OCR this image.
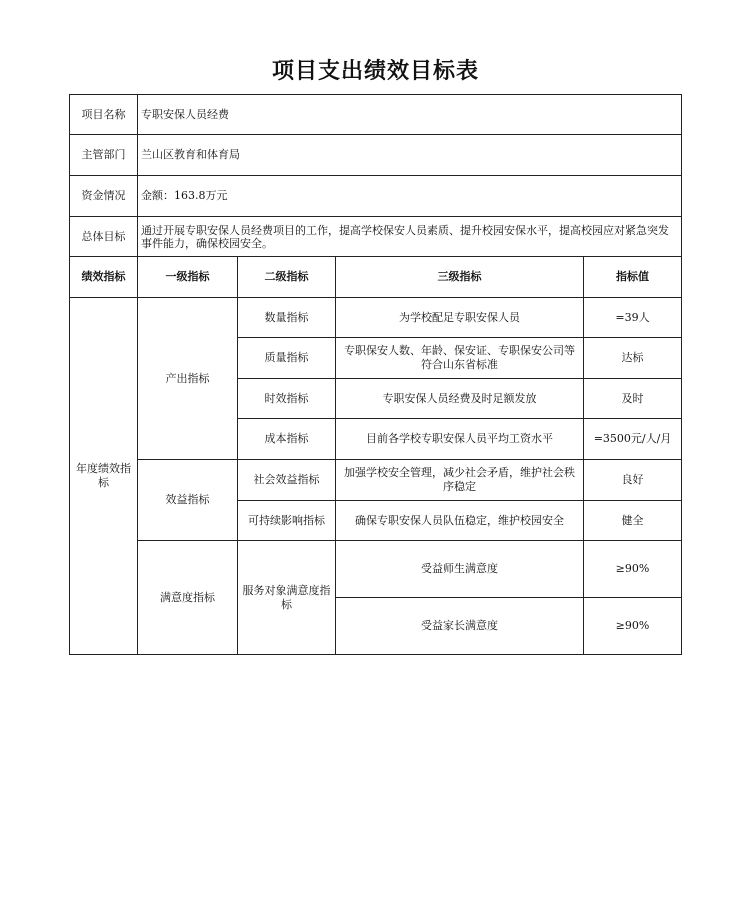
项目支出绩效目标表
项目名称	专职安保人员经费			
主管部门	兰山区教育和体育局			
资金情况	金额：163.8万元			
总体目标	通过开展专职安保人员经费项目的工作，提高学校保安人员素质、提升校园安保水平，提高校园应对紧急突发事件能力，确保校园安全。			
绩效指标	一级指标	二级指标	三级指标	指标值
年度绩效指标	产出指标	数量指标	为学校配足专职安保人员	=39人
		质量指标	专职保安人数、年龄、保安证、专职保安公司等符合山东省标准	达标
		时效指标	专职安保人员经费及时足额发放	及时
		成本指标	目前各学校专职安保人员平均工资水平	=3500元/人/月
	效益指标	社会效益指标	加强学校安全管理，减少社会矛盾，维护社会秩序稳定	良好
		可持续影响指标	确保专职安保人员队伍稳定，维护校园安全	健全
	满意度指标	服务对象满意度指标	受益师生满意度	≥90%
			受益家长满意度	≥90%
